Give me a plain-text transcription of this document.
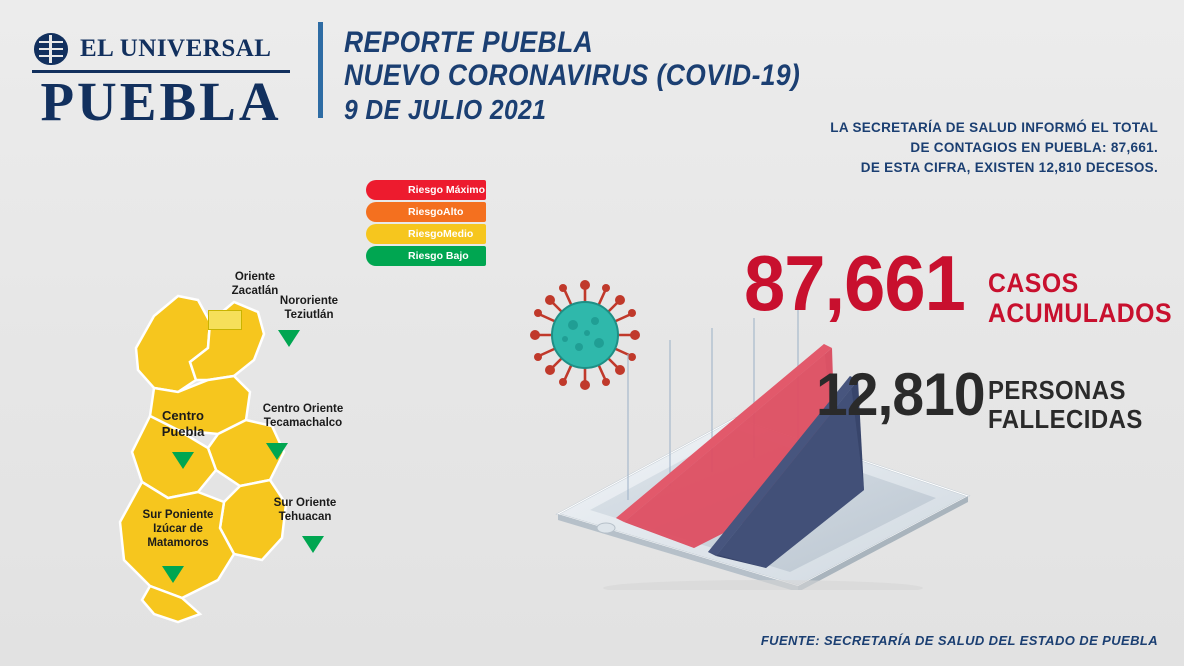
EL UNIVERSAL
PUEBLA
REPORTE PUEBLA
NUEVO CORONAVIRUS (COVID-19)
9 DE JULIO 2021
LA SECRETARÍA DE SALUD INFORMÓ EL TOTAL
DE CONTAGIOS EN PUEBLA: 87,661.
DE ESTA CIFRA, EXISTEN 12,810 DECESOS.
Riesgo Máximo
RiesgoAlto
RiesgoMedio
Riesgo Bajo
Oriente
Zacatlán
Nororiente
Teziutlán
Centro Oriente
Tecamachalco
Centro
Puebla
Sur Oriente
Tehuacan
Sur Poniente
Izúcar de
Matamoros
87,661 CASOS
ACUMULADOS
12,810 PERSONAS
FALLECIDAS
FUENTE: SECRETARÍA DE SALUD DEL ESTADO DE PUEBLA
